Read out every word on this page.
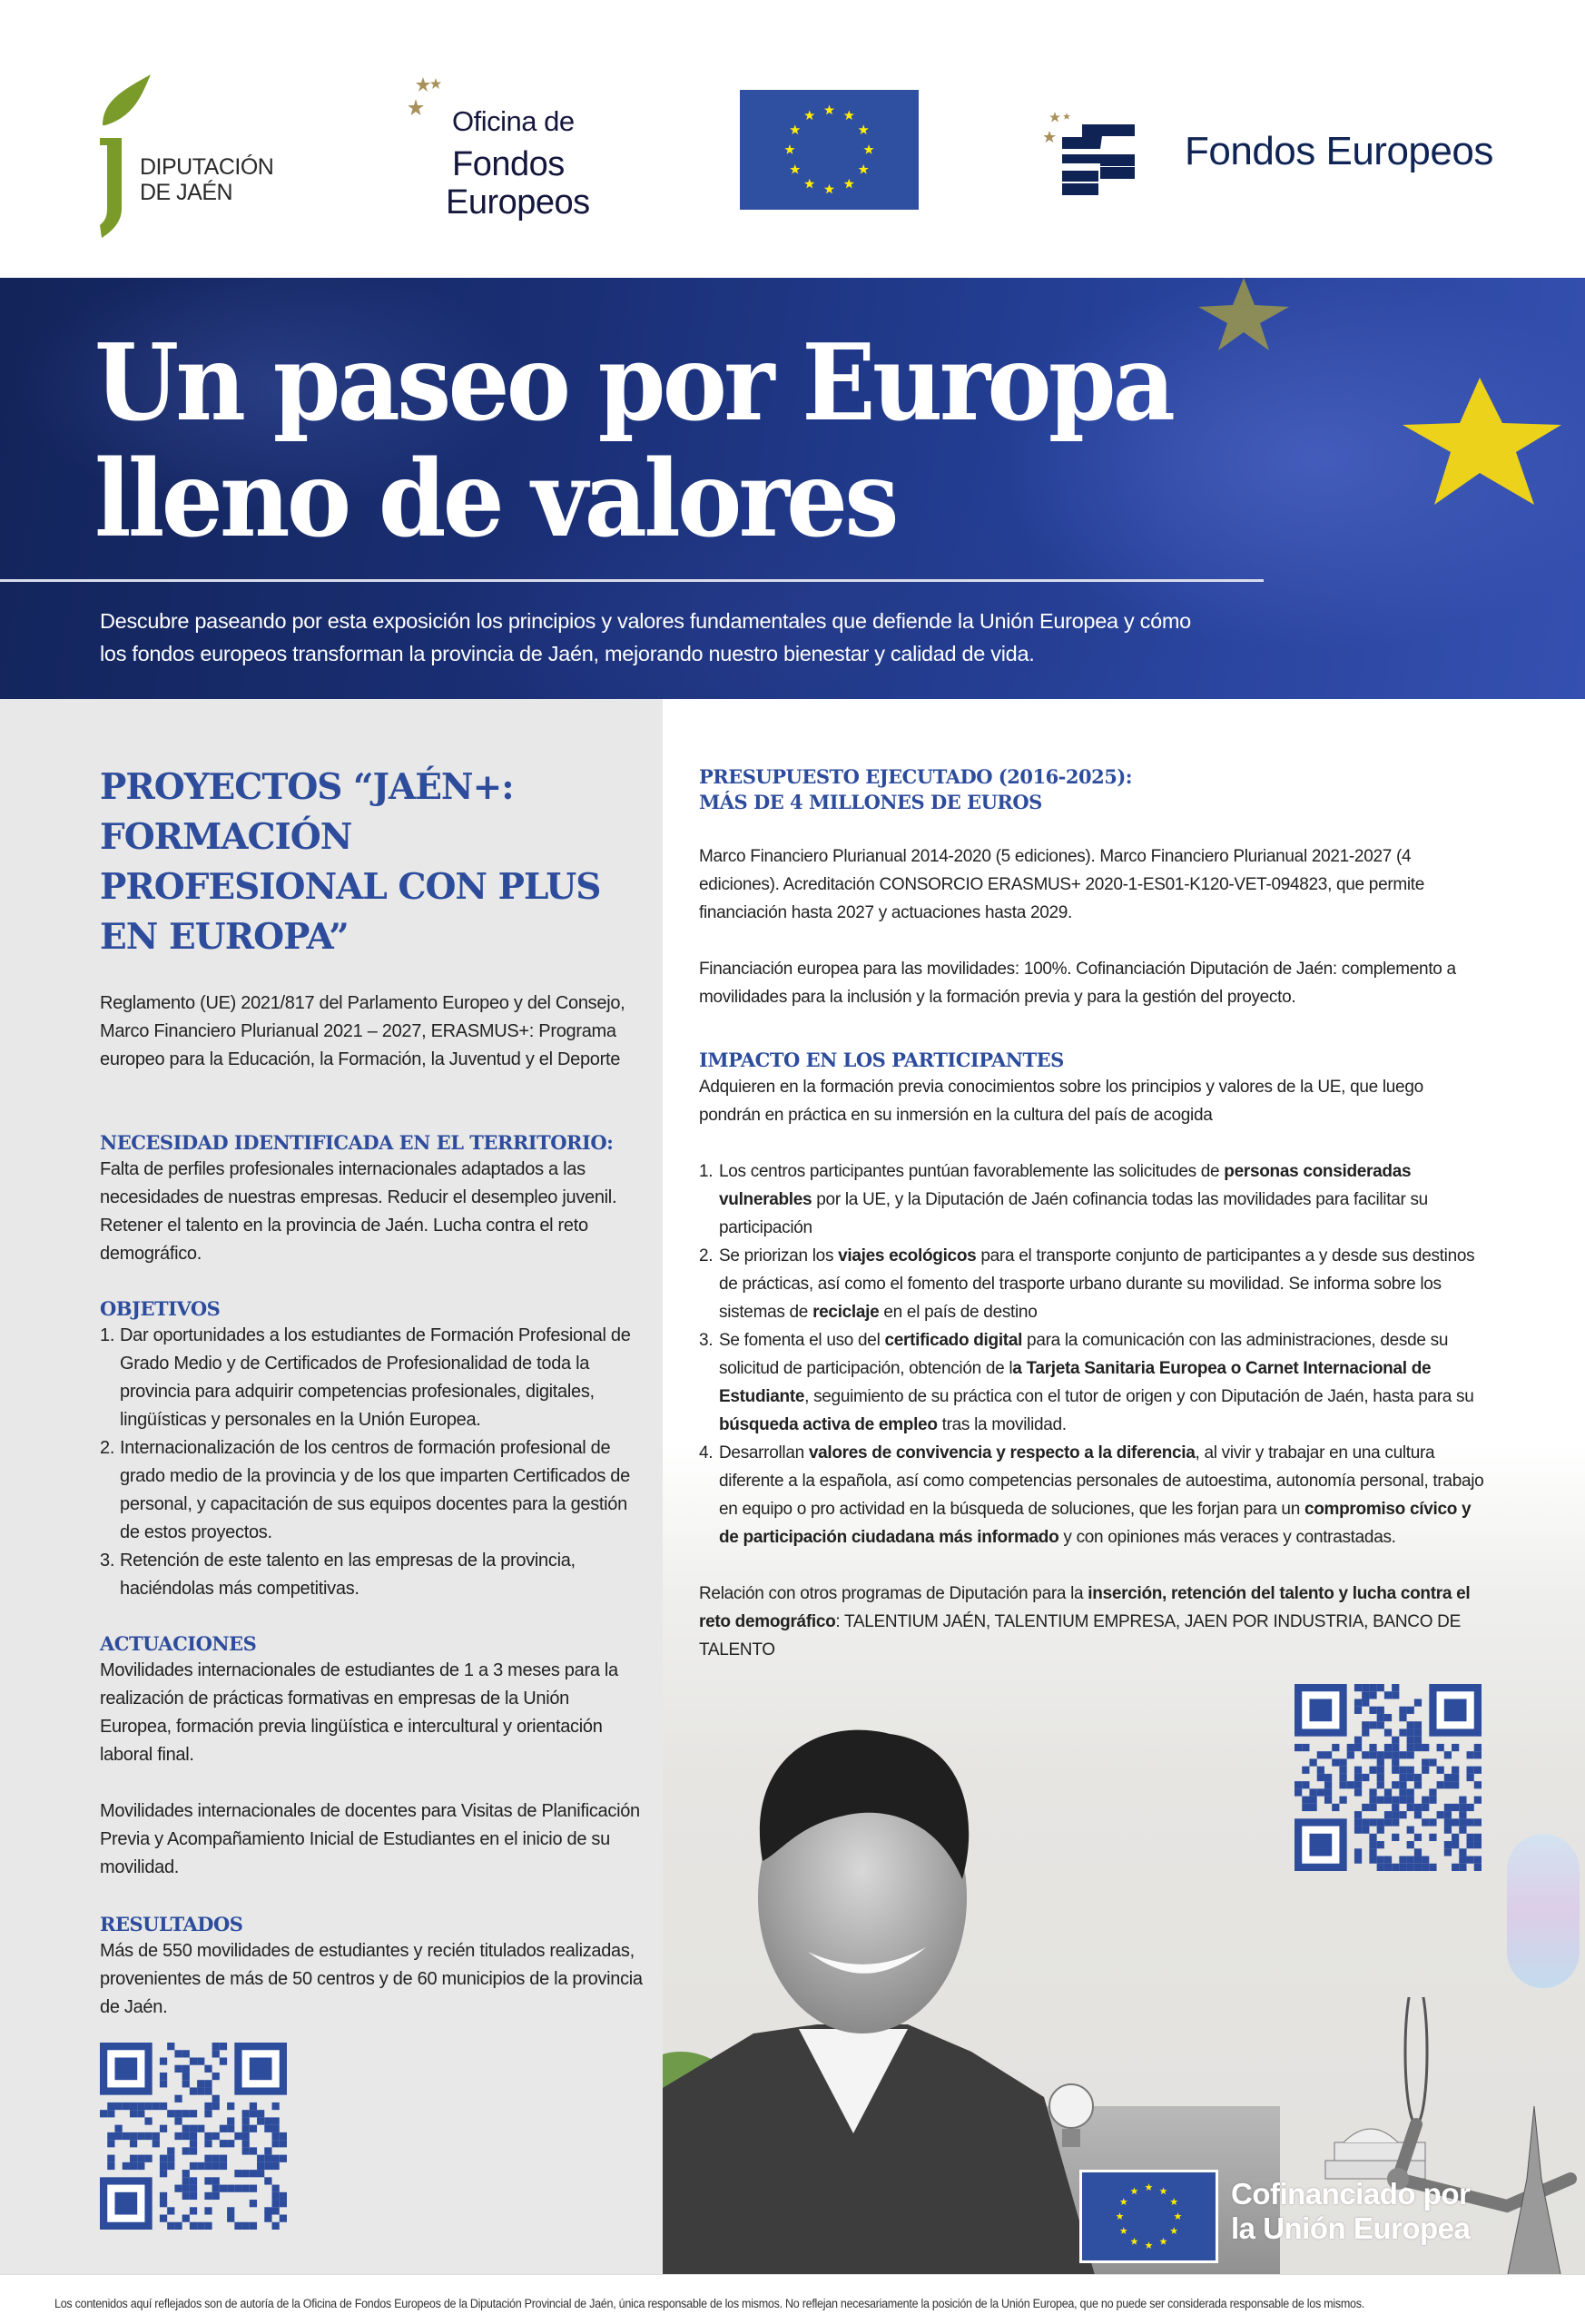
DIPUTACIÓN
DE JAÉN
Oficina de
Fondos
Europeos
Fondos Europeos
Un paseo por Europa
lleno de valores
Descubre paseando por esta exposición los principios y valores fundamentales que defiende la Unión Europea y cómo
los fondos europeos transforman la provincia de Jaén, mejorando nuestro bienestar y calidad de vida.
PROYECTOS “JAÉN+: FORMACIÓN PROFESIONAL CON PLUS EN EUROPA”
Reglamento (UE) 2021/817 del Parlamento Europeo y del Consejo, Marco Financiero Plurianual 2021 – 2027, ERASMUS+: Programa europeo para la Educación, la Formación, la Juventud y el Deporte
NECESIDAD IDENTIFICADA EN EL TERRITORIO:
Falta de perfiles profesionales internacionales adaptados a las necesidades de nuestras empresas. Reducir el desempleo juvenil. Retener el talento en la provincia de Jaén. Lucha contra el reto demográfico.
OBJETIVOS
1. Dar oportunidades a los estudiantes de Formación Profesional de Grado Medio y de Certificados de Profesionalidad de toda la provincia para adquirir competencias profesionales, digitales, lingüísticas y personales en la Unión Europea.
2. Internacionalización de los centros de formación profesional de grado medio de la provincia y de los que imparten Certificados de personal, y capacitación de sus equipos docentes para la gestión de estos proyectos.
3. Retención de este talento en las empresas de la provincia, haciéndolas más competitivas.
ACTUACIONES
Movilidades internacionales de estudiantes de 1 a 3 meses para la realización de prácticas formativas en empresas de la Unión Europea, formación previa lingüística e intercultural y orientación laboral final.
Movilidades internacionales de docentes para Visitas de Planificación Previa y Acompañamiento Inicial de Estudiantes en el inicio de su movilidad.
RESULTADOS
Más de 550 movilidades de estudiantes y recién titulados realizadas, provenientes de más de 50 centros y de 60 municipios de la provincia de Jaén.
PRESUPUESTO EJECUTADO (2016-2025):
MÁS DE 4 MILLONES DE EUROS
Marco Financiero Plurianual 2014-2020 (5 ediciones). Marco Financiero Plurianual 2021-2027 (4 ediciones). Acreditación CONSORCIO ERASMUS+ 2020-1-ES01-K120-VET-094823, que permite financiación hasta 2027 y actuaciones hasta 2029.
Financiación europea para las movilidades: 100%. Cofinanciación Diputación de Jaén: complemento a movilidades para la inclusión y la formación previa y para la gestión del proyecto.
IMPACTO EN LOS PARTICIPANTES
Adquieren en la formación previa conocimientos sobre los principios y valores de la UE, que luego pondrán en práctica en su inmersión en la cultura del país de acogida
1. Los centros participantes puntúan favorablemente las solicitudes de personas consideradas vulnerables por la UE, y la Diputación de Jaén cofinancia todas las movilidades para facilitar su participación
2. Se priorizan los viajes ecológicos para el transporte conjunto de participantes a y desde sus destinos de prácticas, así como el fomento del trasporte urbano durante su movilidad. Se informa sobre los sistemas de reciclaje en el país de destino
3. Se fomenta el uso del certificado digital para la comunicación con las administraciones, desde su solicitud de participación, obtención de la Tarjeta Sanitaria Europea o Carnet Internacional de Estudiante, seguimiento de su práctica con el tutor de origen y con Diputación de Jaén, hasta para su búsqueda activa de empleo tras la movilidad.
4. Desarrollan valores de convivencia y respecto a la diferencia, al vivir y trabajar en una cultura diferente a la española, así como competencias personales de autoestima, autonomía personal, trabajo en equipo o pro actividad en la búsqueda de soluciones, que les forjan para un compromiso cívico y de participación ciudadana más informado y con opiniones más veraces y contrastadas.
Relación con otros programas de Diputación para la inserción, retención del talento y lucha contra el reto demográfico: TALENTIUM JAÉN, TALENTIUM EMPRESA, JAEN POR INDUSTRIA, BANCO DE TALENTO
Cofinanciado por
la Unión Europea
Los contenidos aquí reflejados son de autoría de la Oficina de Fondos Europeos de la Diputación Provincial de Jaén, única responsable de los mismos. No reflejan necesariamente la posición de la Unión Europea, que no puede ser considerada responsable de los mismos.
